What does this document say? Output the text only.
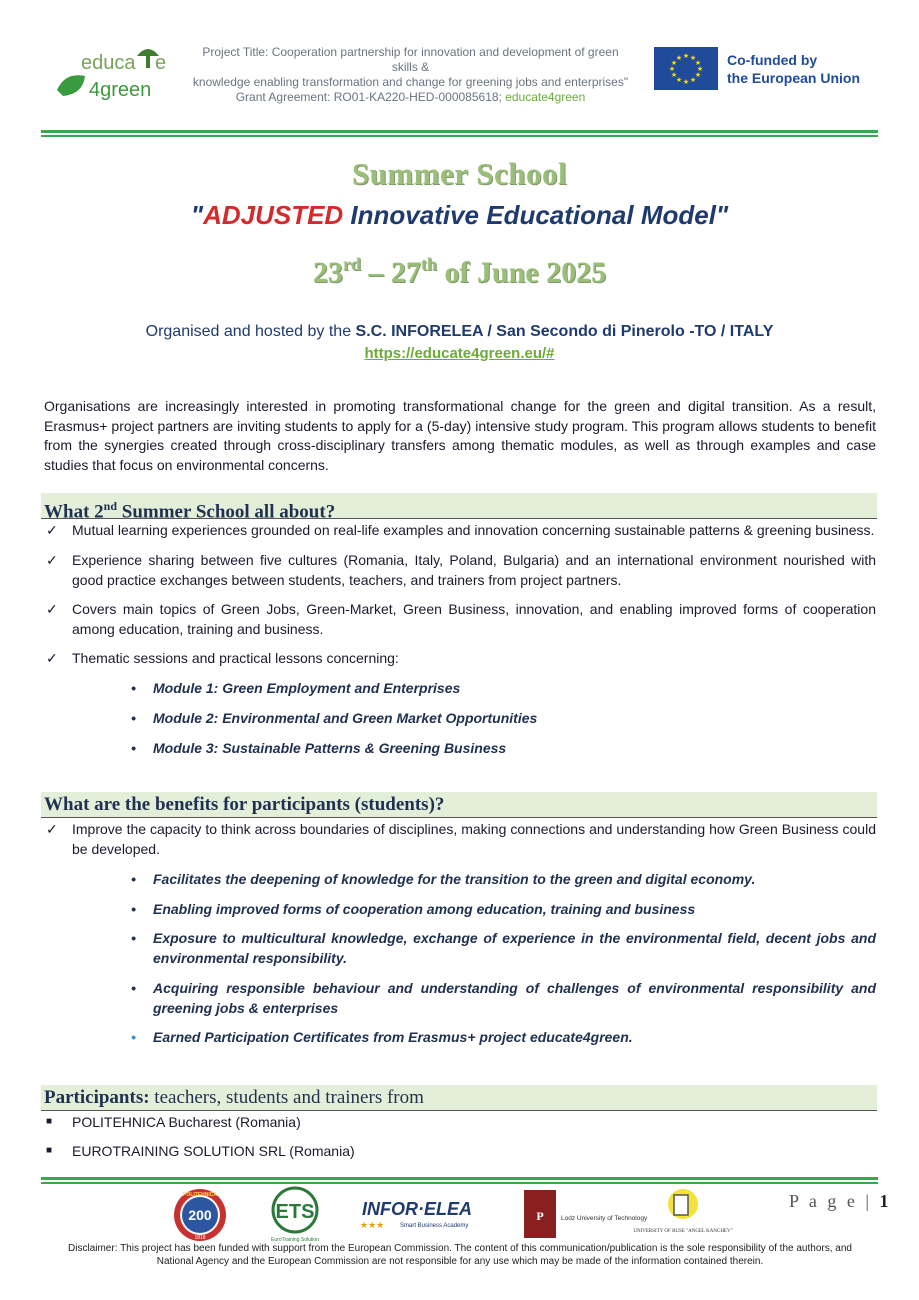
educa e
4green
Project Title: Cooperation partnership for innovation and development of green skills &
knowledge enabling transformation and change for greening jobs and enterprises"
Grant Agreement: RO01-KA220-HED-000085618; educate4green
★ ★
★
★
★
★
★
★
★
★
★
★	Co-funded by
the European Union
Summer School
"ADJUSTED Innovative Educational Model"
23rd – 27th of June 2025
Organised and hosted by the S.C. INFORELEA / San Secondo di Pinerolo -TO / ITALY
https://educate4green.eu/#
Organisations are increasingly interested in promoting transformational change for the green and digital transition. As a result, Erasmus+ project partners are inviting students to apply for a (5-day) intensive study program. This program allows students to benefit from the synergies created through cross-disciplinary transfers among thematic modules, as well as through examples and case studies that focus on environmental concerns.
What 2nd Summer School all about?
✓ Mutual learning experiences grounded on real-life examples and innovation concerning sustainable patterns & greening business.
✓ Experience sharing between five cultures (Romania, Italy, Poland, Bulgaria) and an international environment nourished with good practice exchanges between students, teachers, and trainers from project partners.
✓ Covers main topics of Green Jobs, Green-Market, Green Business, innovation, and enabling improved forms of cooperation among education, training and business.
✓ Thematic sessions and practical lessons concerning:
• Module 1: Green Employment and Enterprises
• Module 2: Environmental and Green Market Opportunities
• Module 3: Sustainable Patterns & Greening Business
What are the benefits for participants (students)?
✓ Improve the capacity to think across boundaries of disciplines, making connections and understanding how Green Business could be developed.
• Facilitates the deepening of knowledge for the transition to the green and digital economy.
• Enabling improved forms of cooperation among education, training and business
• Exposure to multicultural knowledge, exchange of experience in the environmental field, decent jobs and environmental responsibility.
• Acquiring responsible behaviour and understanding of challenges of environmental responsibility and greening jobs & enterprises
• Earned Participation Certificates from Erasmus+ project educate4green.
Participants: teachers, students and trainers from
■ POLITEHNICA Bucharest (Romania)
■ EUROTRAINING SOLUTION SRL (Romania)
P a g e | 1
POLITEHNICA
200
1818
ETS
EuroTraining Solution
INFOR·ELEA
★★★	Smart Business Academy
P	Lodz University of Technology
UNIVERSITY OF RUSE "ANGEL KANCHEV"
Disclaimer: This project has been funded with support from the European Commission. The content of this communication/publication is the sole responsibility of the authors, and National Agency and the European Commission are not responsible for any use which may be made of the information contained therein.
